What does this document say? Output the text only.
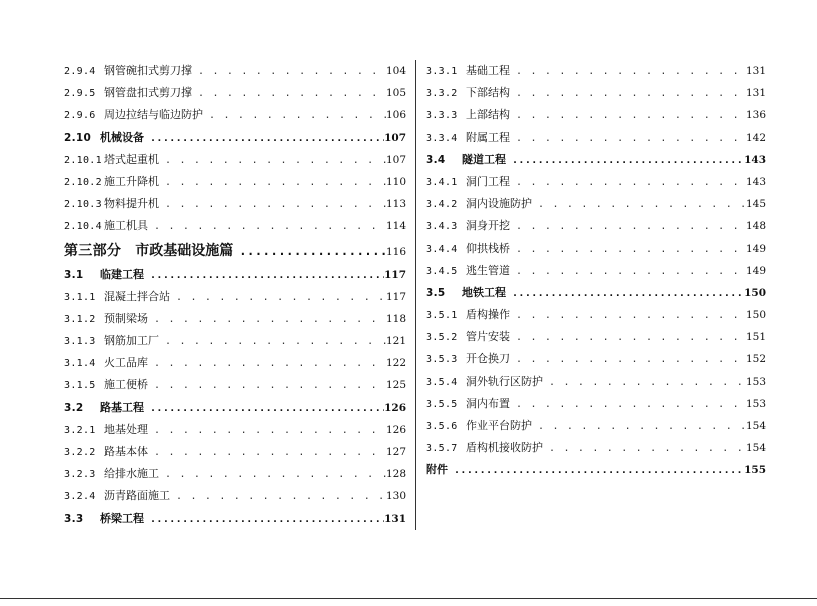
2.9.4 钢管碗扣式剪刀撑 . . .	104
2.9.5 钢管盘扣式剪刀撑 . . .	105
2.9.6 周边拉结与临边防护 . . .	106
2.10 机械设备 .....	107
2.10.1 塔式起重机 . . .	107
2.10.2 施工升降机 . . .	110
2.10.3 物料提升机 . . .	113
2.10.4 施工机具 . . .	114
第三部分	市政基础设施篇 .....	116
3.1	临建工程 .....	117
3.1.1 混凝土拌合站 . . .	117
3.1.2 预制梁场 . . .	118
3.1.3 钢筋加工厂 . . .	121
3.1.4 火工品库 . . .	122
3.1.5 施工便桥 . . .	125
3.2	路基工程 .....	126
3.2.1 地基处理 . . .	126
3.2.2 路基本体 . . .	127
3.2.3 给排水施工 . . .	128
3.2.4 沥青路面施工 . . .	130
3.3	桥梁工程 .....	131
3.3.1 基础工程 . . .	131
3.3.2 下部结构 . . .	131
3.3.3 上部结构 . . .	136
3.3.4 附属工程 . . .	142
3.4	隧道工程 .....	143
3.4.1 洞门工程 . . .	143
3.4.2 洞内设施防护 . . .	145
3.4.3 洞身开挖 . . .	148
3.4.4 仰拱栈桥 . . .	149
3.4.5 逃生管道 . . .	149
3.5	地铁工程 .....	150
3.5.1 盾构操作 . . .	150
3.5.2 管片安装 . . .	151
3.5.3 开仓换刀 . . .	152
3.5.4 洞外轨行区防护 . . .	153
3.5.5 洞内布置 . . .	153
3.5.6 作业平台防护 . . .	154
3.5.7 盾构机接收防护 . . .	154
附件 .....	155
